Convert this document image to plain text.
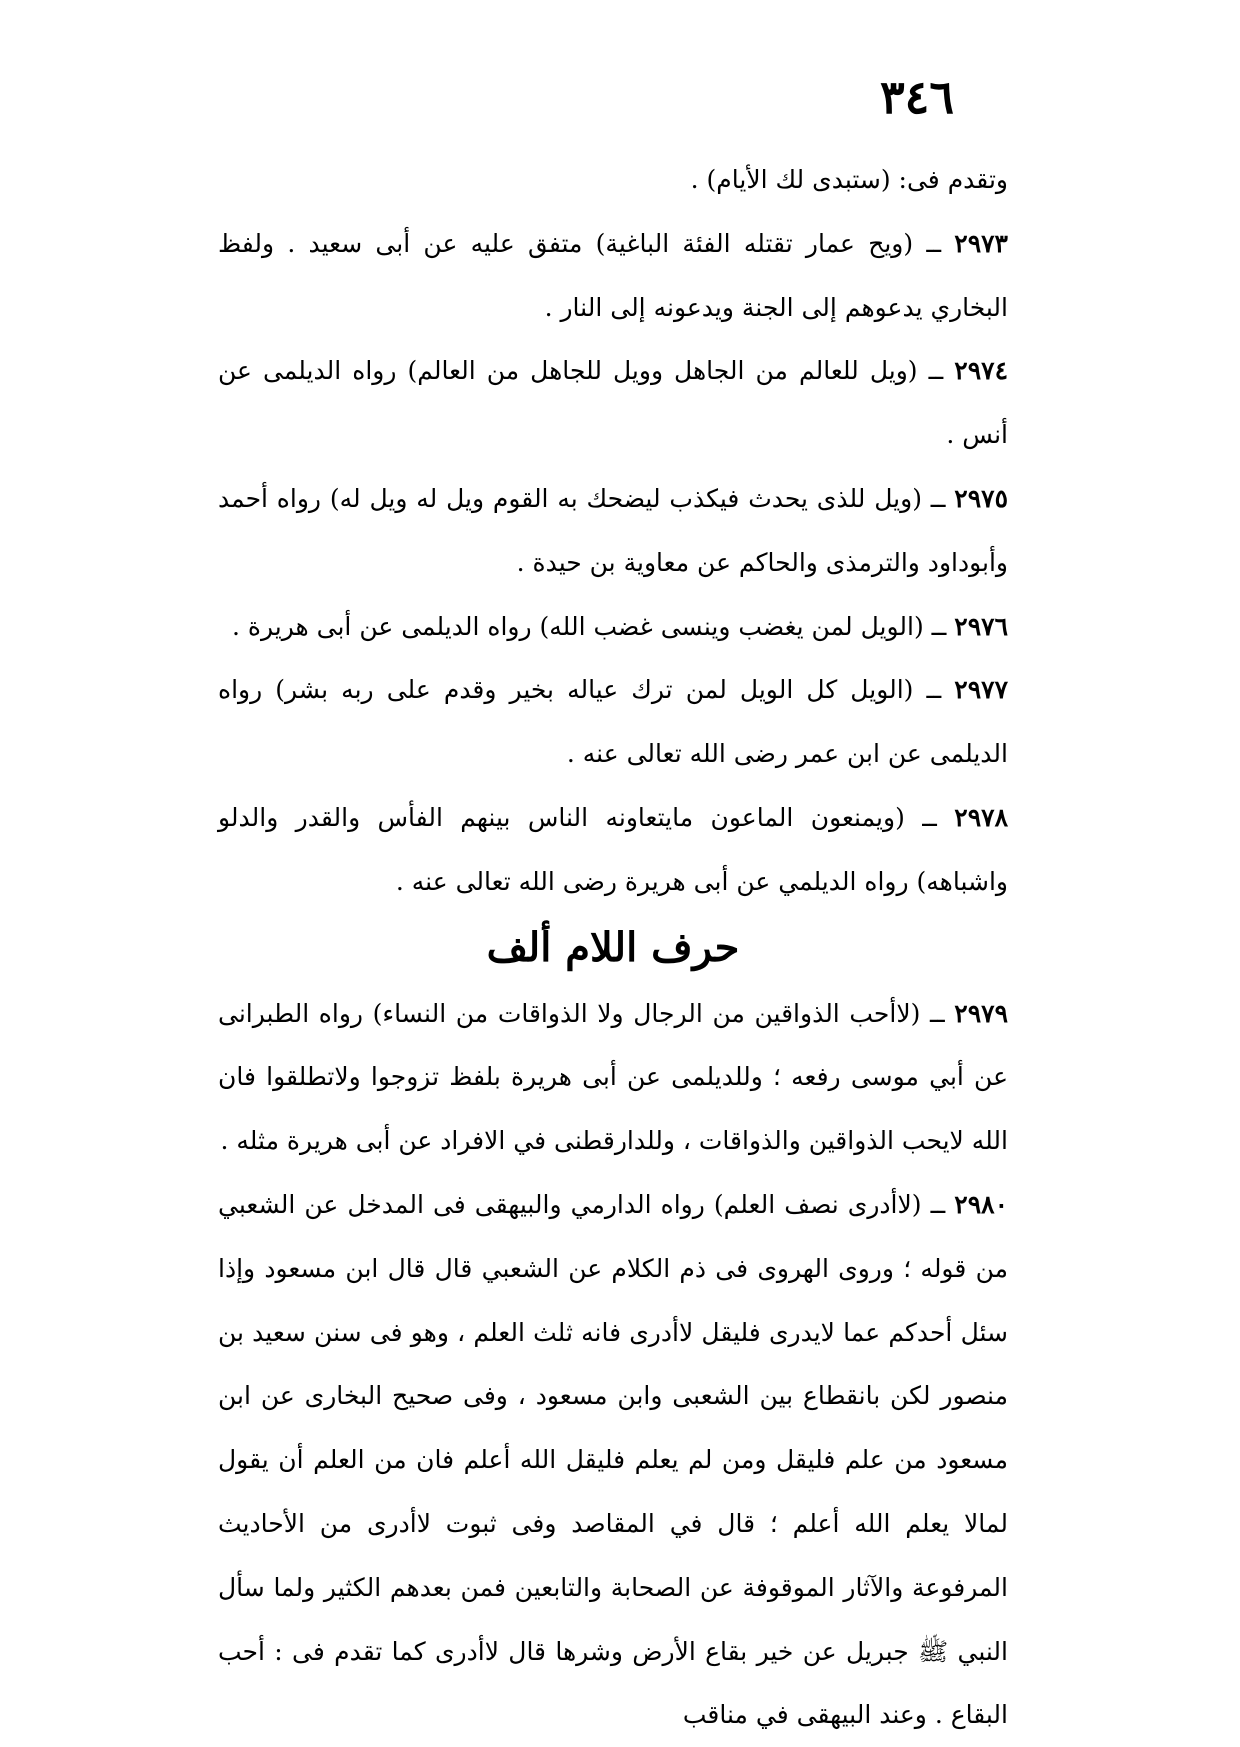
٣٤٦

وتقدم فى: (ستبدى لك الأيام) .

٢٩٧٣ ــ (ويح عمار تقتله الفئة الباغية) متفق عليه عن أبى سعيد . ولفظ البخاري يدعوهم إلى الجنة ويدعونه إلى النار .

٢٩٧٤ ــ (ويل للعالم من الجاهل وويل للجاهل من العالم) رواه الديلمى عن أنس .

٢٩٧٥ ــ (ويل للذى يحدث فيكذب ليضحك به القوم ويل له ويل له) رواه أحمد وأبوداود والترمذى والحاكم عن معاوية بن حيدة .

٢٩٧٦ ــ (الويل لمن يغضب وينسى غضب الله) رواه الديلمى عن أبى هريرة .

٢٩٧٧ ــ (الويل كل الويل لمن ترك عياله بخير وقدم على ربه بشر) رواه الديلمى عن ابن عمر رضى الله تعالى عنه .

٢٩٧٨ ــ (ويمنعون الماعون مايتعاونه الناس بينهم الفأس والقدر والدلو واشباهه) رواه الديلمي عن أبى هريرة رضى الله تعالى عنه .

حرف اللام ألف

٢٩٧٩ ــ (لاأحب الذواقين من الرجال ولا الذواقات من النساء) رواه الطبرانى عن أبي موسى رفعه ؛ وللديلمى عن أبى هريرة بلفظ تزوجوا ولاتطلقوا فان الله لايحب الذواقين والذواقات ، وللدارقطنى في الافراد عن أبى هريرة مثله .

٢٩٨٠ ــ (لاأدرى نصف العلم) رواه الدارمي والبيهقى فى المدخل عن الشعبي من قوله ؛ وروى الهروى فى ذم الكلام عن الشعبي قال قال ابن مسعود وإذا سئل أحدكم عما لايدرى فليقل لاأدرى فانه ثلث العلم ، وهو فى سنن سعيد بن منصور لكن بانقطاع بين الشعبى وابن مسعود ، وفى صحيح البخارى عن ابن مسعود من علم فليقل ومن لم يعلم فليقل الله أعلم فان من العلم أن يقول لمالا يعلم الله أعلم ؛ قال في المقاصد وفى ثبوت لاأدرى من الأحاديث المرفوعة والآثار الموقوفة عن الصحابة والتابعين فمن بعدهم الكثير ولما سأل النبي ﷺ جبريل عن خير بقاع الأرض وشرها قال لاأدرى كما تقدم فى : أحب البقاع . وعند البيهقى في مناقب
